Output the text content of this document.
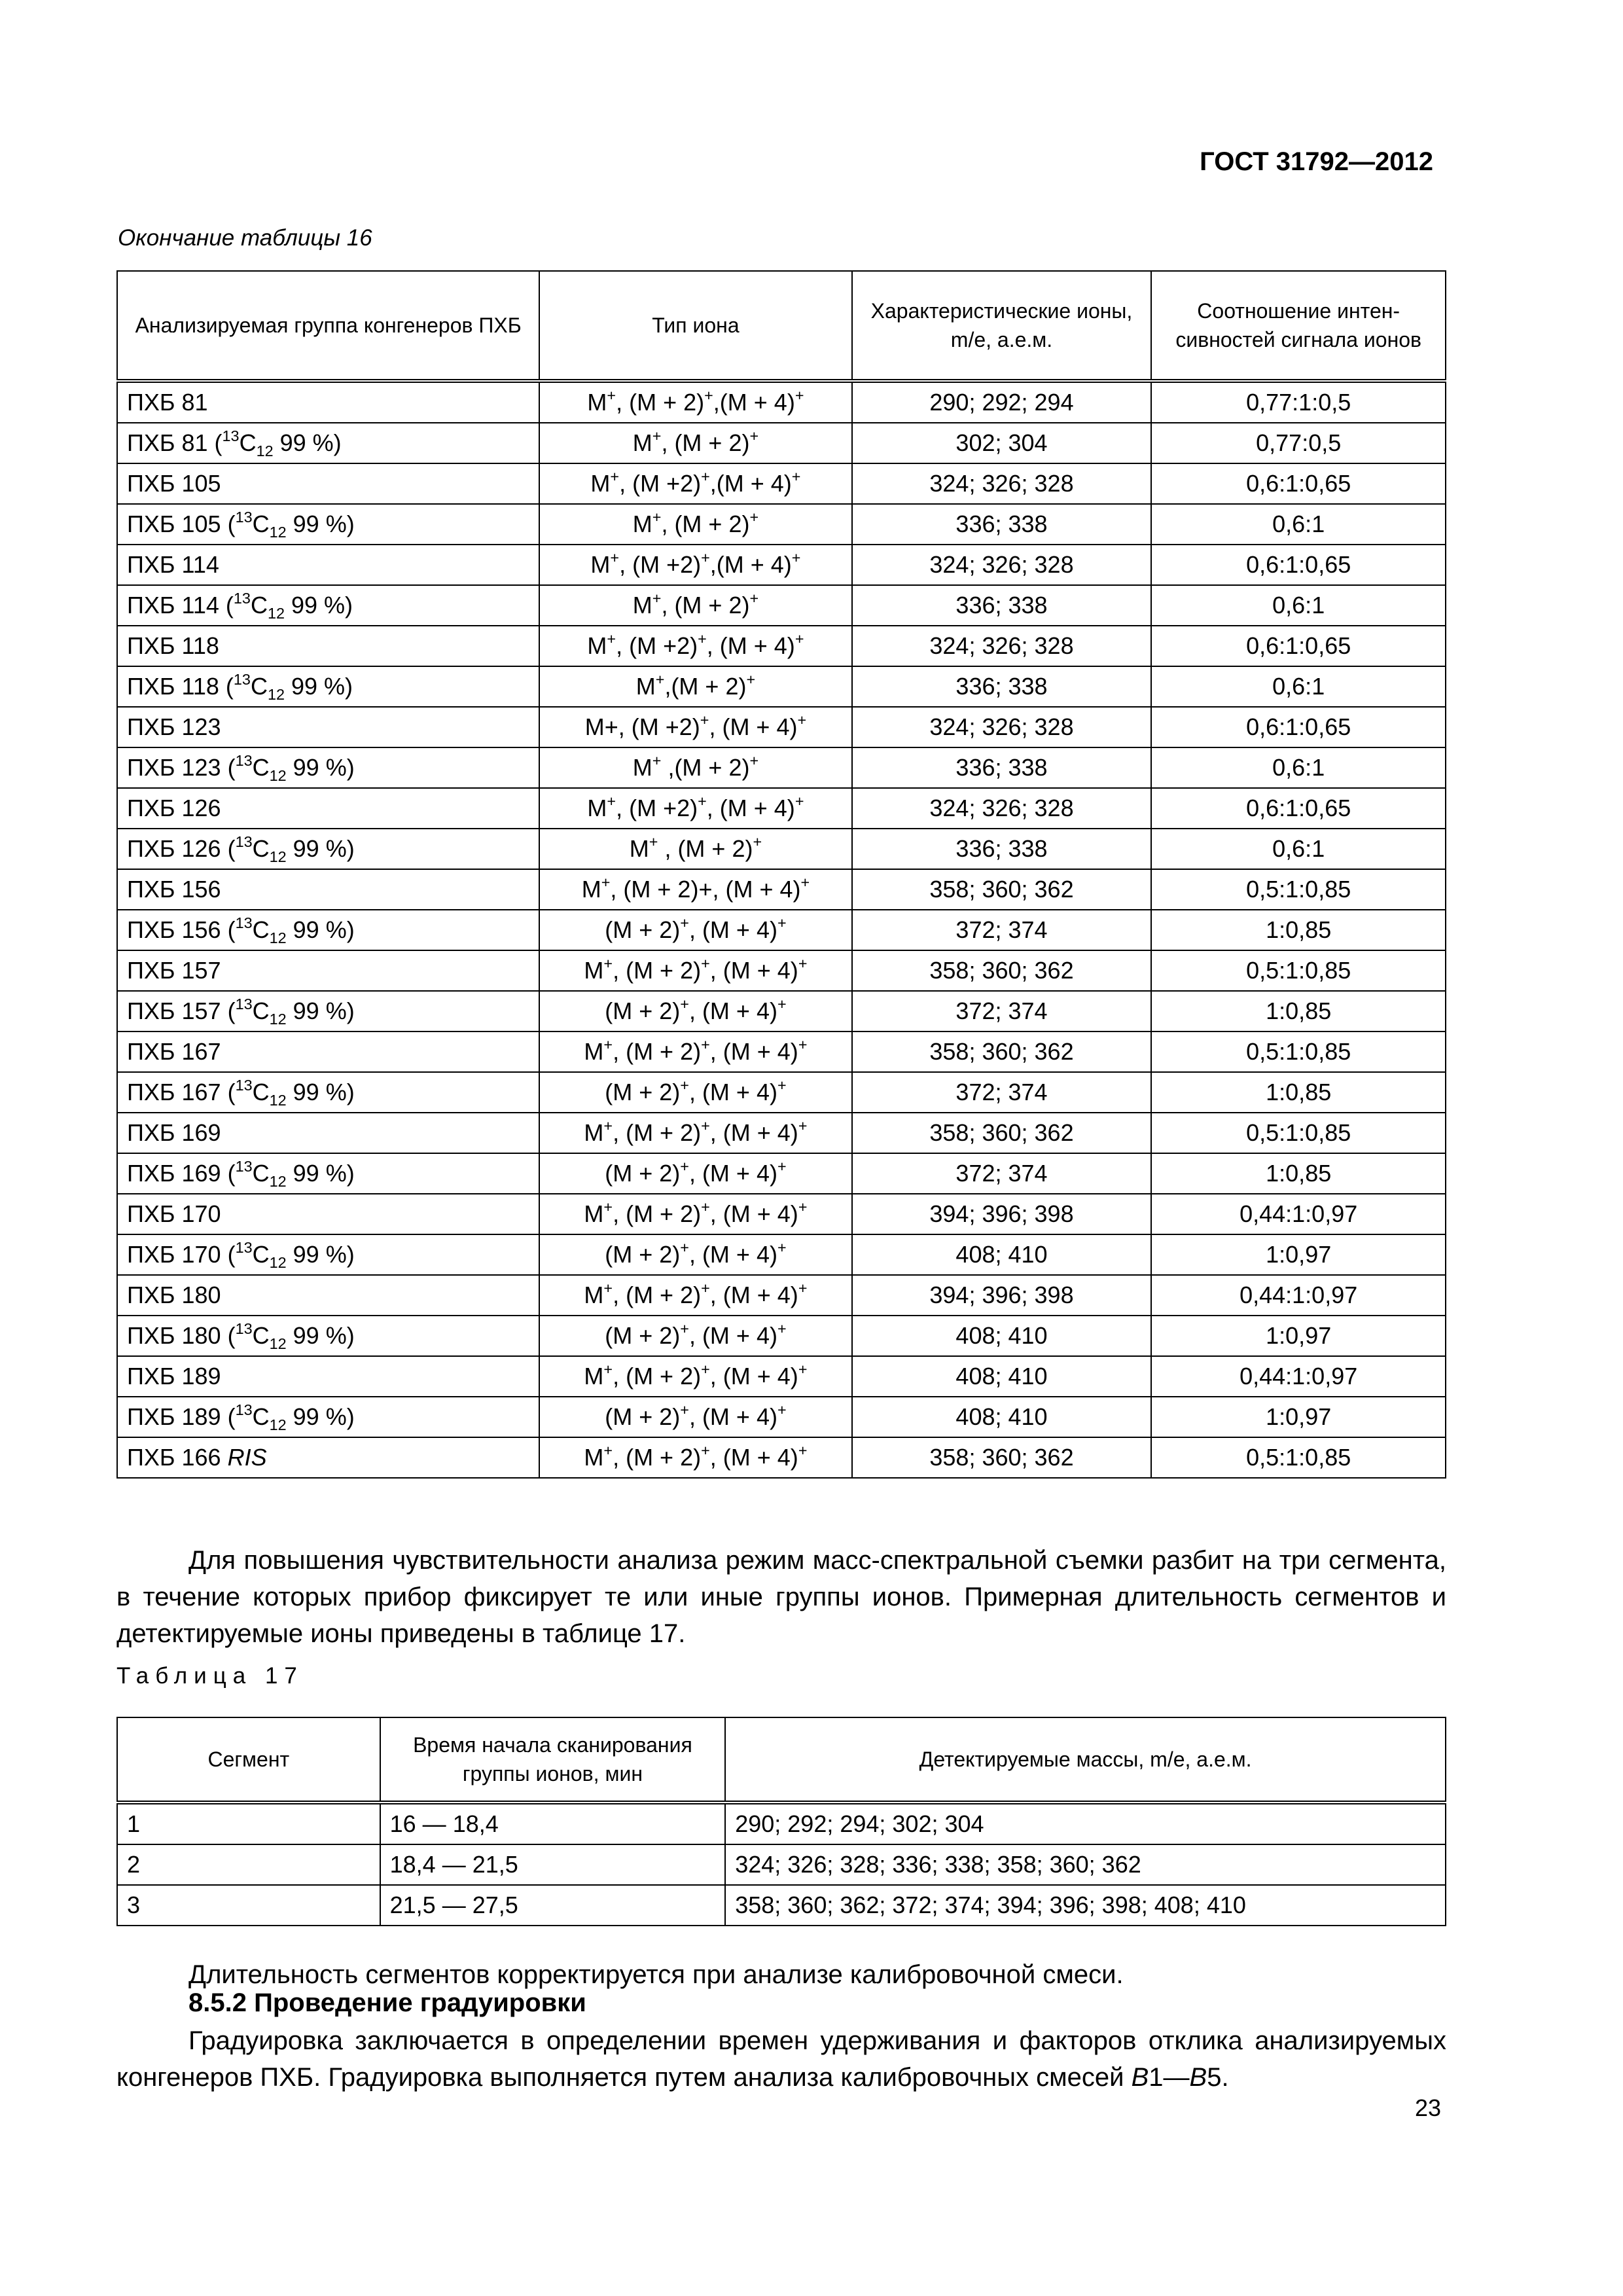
ГОСТ 31792—2012
Окончание таблицы 16
Анализируемая группа конгенеров ПХБ	Тип иона	Характеристические ионы, m/e, а.е.м.	Соотношение интен- сивностей сигнала ионов
ПХБ 81	M+, (M + 2)+,(M + 4)+	290; 292; 294	0,77:1:0,5
ПХБ 81 ($^{13}C_{12}$ 99 %)	M+, (M + 2)+	302; 304	0,77:0,5
ПХБ 105	M+, (M +2)+,(M + 4)+	324; 326; 328	0,6:1:0,65
ПХБ 105 ($^{13}C_{12}$ 99 %)	M+, (M + 2)+	336; 338	0,6:1
ПХБ 114	M+, (M +2)+,(M + 4)+	324; 326; 328	0,6:1:0,65
ПХБ 114 ($^{13}C_{12}$ 99 %)	M+, (M + 2)+	336; 338	0,6:1
ПХБ 118	M+, (M +2)+, (M + 4)+	324; 326; 328	0,6:1:0,65
ПХБ 118 ($^{13}C_{12}$ 99 %)	M+,(M + 2)+	336; 338	0,6:1
ПХБ 123	M+, (M +2)+, (M + 4)+	324; 326; 328	0,6:1:0,65
ПХБ 123 ($^{13}C_{12}$ 99 %)	M+ ,(M + 2)+	336; 338	0,6:1
ПХБ 126	M+, (M +2)+, (M + 4)+	324; 326; 328	0,6:1:0,65
ПХБ 126 ($^{13}C_{12}$ 99 %)	M+ , (M + 2)+	336; 338	0,6:1
ПХБ 156	M+, (M + 2)+, (M + 4)+	358; 360; 362	0,5:1:0,85
ПХБ 156 ($^{13}C_{12}$ 99 %)	(M + 2)+, (M + 4)+	372; 374	1:0,85
ПХБ 157	M+, (M + 2)+, (M + 4)+	358; 360; 362	0,5:1:0,85
ПХБ 157 ($^{13}C_{12}$ 99 %)	(M + 2)+, (M + 4)+	372; 374	1:0,85
ПХБ 167	M+, (M + 2)+, (M + 4)+	358; 360; 362	0,5:1:0,85
ПХБ 167 ($^{13}C_{12}$ 99 %)	(M + 2)+, (M + 4)+	372; 374	1:0,85
ПХБ 169	M+, (M + 2)+, (M + 4)+	358; 360; 362	0,5:1:0,85
ПХБ 169 ($^{13}C_{12}$ 99 %)	(M + 2)+, (M + 4)+	372; 374	1:0,85
ПХБ 170	M+, (M + 2)+, (M + 4)+	394; 396; 398	0,44:1:0,97
ПХБ 170 ($^{13}C_{12}$ 99 %)	(M + 2)+, (M + 4)+	408; 410	1:0,97
ПХБ 180	M+, (M + 2)+, (M + 4)+	394; 396; 398	0,44:1:0,97
ПХБ 180 ($^{13}C_{12}$ 99 %)	(M + 2)+, (M + 4)+	408; 410	1:0,97
ПХБ 189	M+, (M + 2)+, (M + 4)+	408; 410	0,44:1:0,97
ПХБ 189 ($^{13}C_{12}$ 99 %)	(M + 2)+, (M + 4)+	408; 410	1:0,97
ПХБ 166 RIS	M+, (M + 2)+, (M + 4)+	358; 360; 362	0,5:1:0,85
Для повышения чувствительности анализа режим масс-спектральной съемки разбит на три сегмента, в течение которых прибор фиксирует те или иные группы ионов. Примерная длительность сегментов и детектируемые ионы приведены в таблице 17.
Таблица 17
Сегмент	Время начала сканирования группы ионов, мин	Детектируемые массы, m/e, а.е.м.
1	16 — 18,4	290; 292; 294; 302; 304
2	18,4 — 21,5	324; 326; 328; 336; 338; 358; 360; 362
3	21,5 — 27,5	358; 360; 362; 372; 374; 394; 396; 398; 408; 410
Длительность сегментов корректируется при анализе калибровочной смеси.
8.5.2 Проведение градуировки
Градуировка заключается в определении времен удерживания и факторов отклика анализируемых конгенеров ПХБ. Градуировка выполняется путем анализа калибровочных смесей B1—B5.
23
